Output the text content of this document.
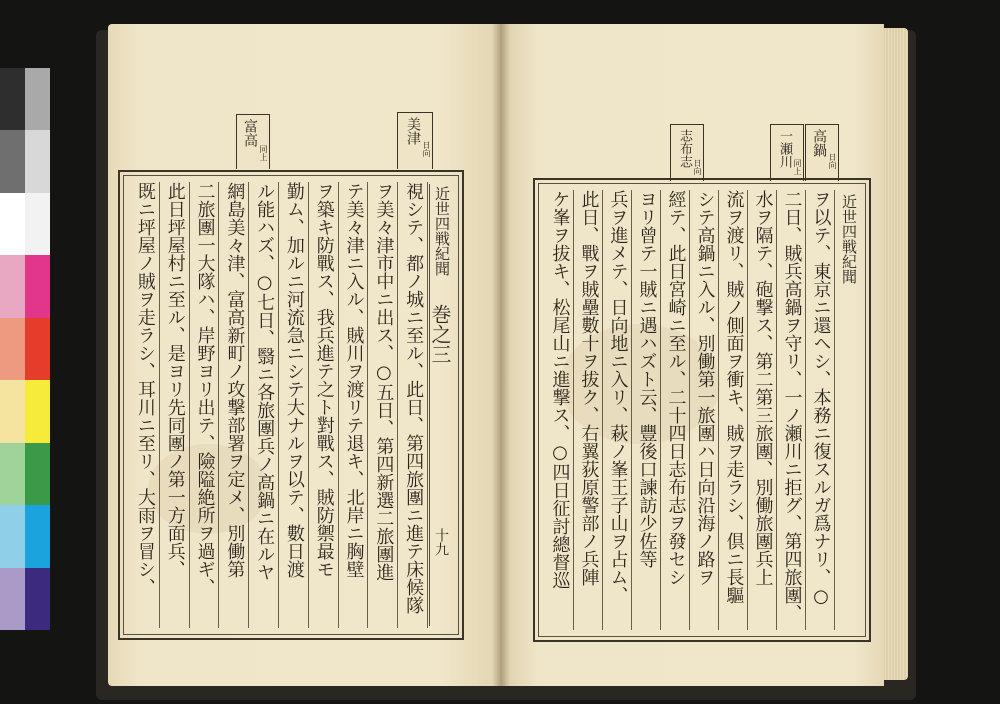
美津
日向
富高
同上	高鍋
日向
一瀬川 同上
志布志 日向
近世四戦紀聞
巻之三
十九
視シテ、都ノ城ニ至ル、此日、第四旅團ニ進テ床候隊
ヲ美々津市中ニ出ス、○五日、第四新選二旅團進
テ美々津ニ入ル、賊川ヲ渡リテ退キ、北岸ニ胸壁
ヲ築キ防戰ス、我兵進テ之ト對戰ス、賊防禦最モ
勤ム、加ルニ河流急ニシテ大ナルヲ以テ、數日渡
ル能ハズ、○七日、翳ニ各旅團兵ノ高鍋ニ在ルヤ
網島美々津、富高新町ノ攻撃部署ヲ定メ、別働第
二旅團一大隊ハ、岸野ヨリ出テ、險隘絶所ヲ過ギ、
此日坪屋村ニ至ル、是ヨリ先同團ノ第一方面兵、
既ニ坪屋ノ賊ヲ走ラシ、耳川ニ至リ、大雨ヲ冒シ、	近世四戦紀聞
ヲ以テ、東京ニ還ヘシ、本務ニ復スルガ爲ナリ、○
二日、賊兵高鍋ヲ守リ、一ノ瀬川ニ拒グ、第四旅團、
水ヲ隔テ、砲撃ス、第二第三旅團、別働旅團兵上
流ヲ渡リ、賊ノ側面ヲ衝キ、賊ヲ走ラシ、倶ニ長驅
シテ高鍋ニ入ル、別働第一旅團ハ日向沿海ノ路ヲ
經テ、此日宮崎ニ至ル、二十四日志布志ヲ發セシ
ヨリ曾テ一賊ニ遇ハズト云、豐後口諫訪少佐等
兵ヲ進メテ、日向地ニ入リ、萩ノ峯王子山ヲ占ム、
此日、戰ヲ賊壘數十ヲ拔ク、右翼荻原警部ノ兵陣
ケ峯ヲ拔キ、松尾山ニ進撃ス、○四日征討總督巡
